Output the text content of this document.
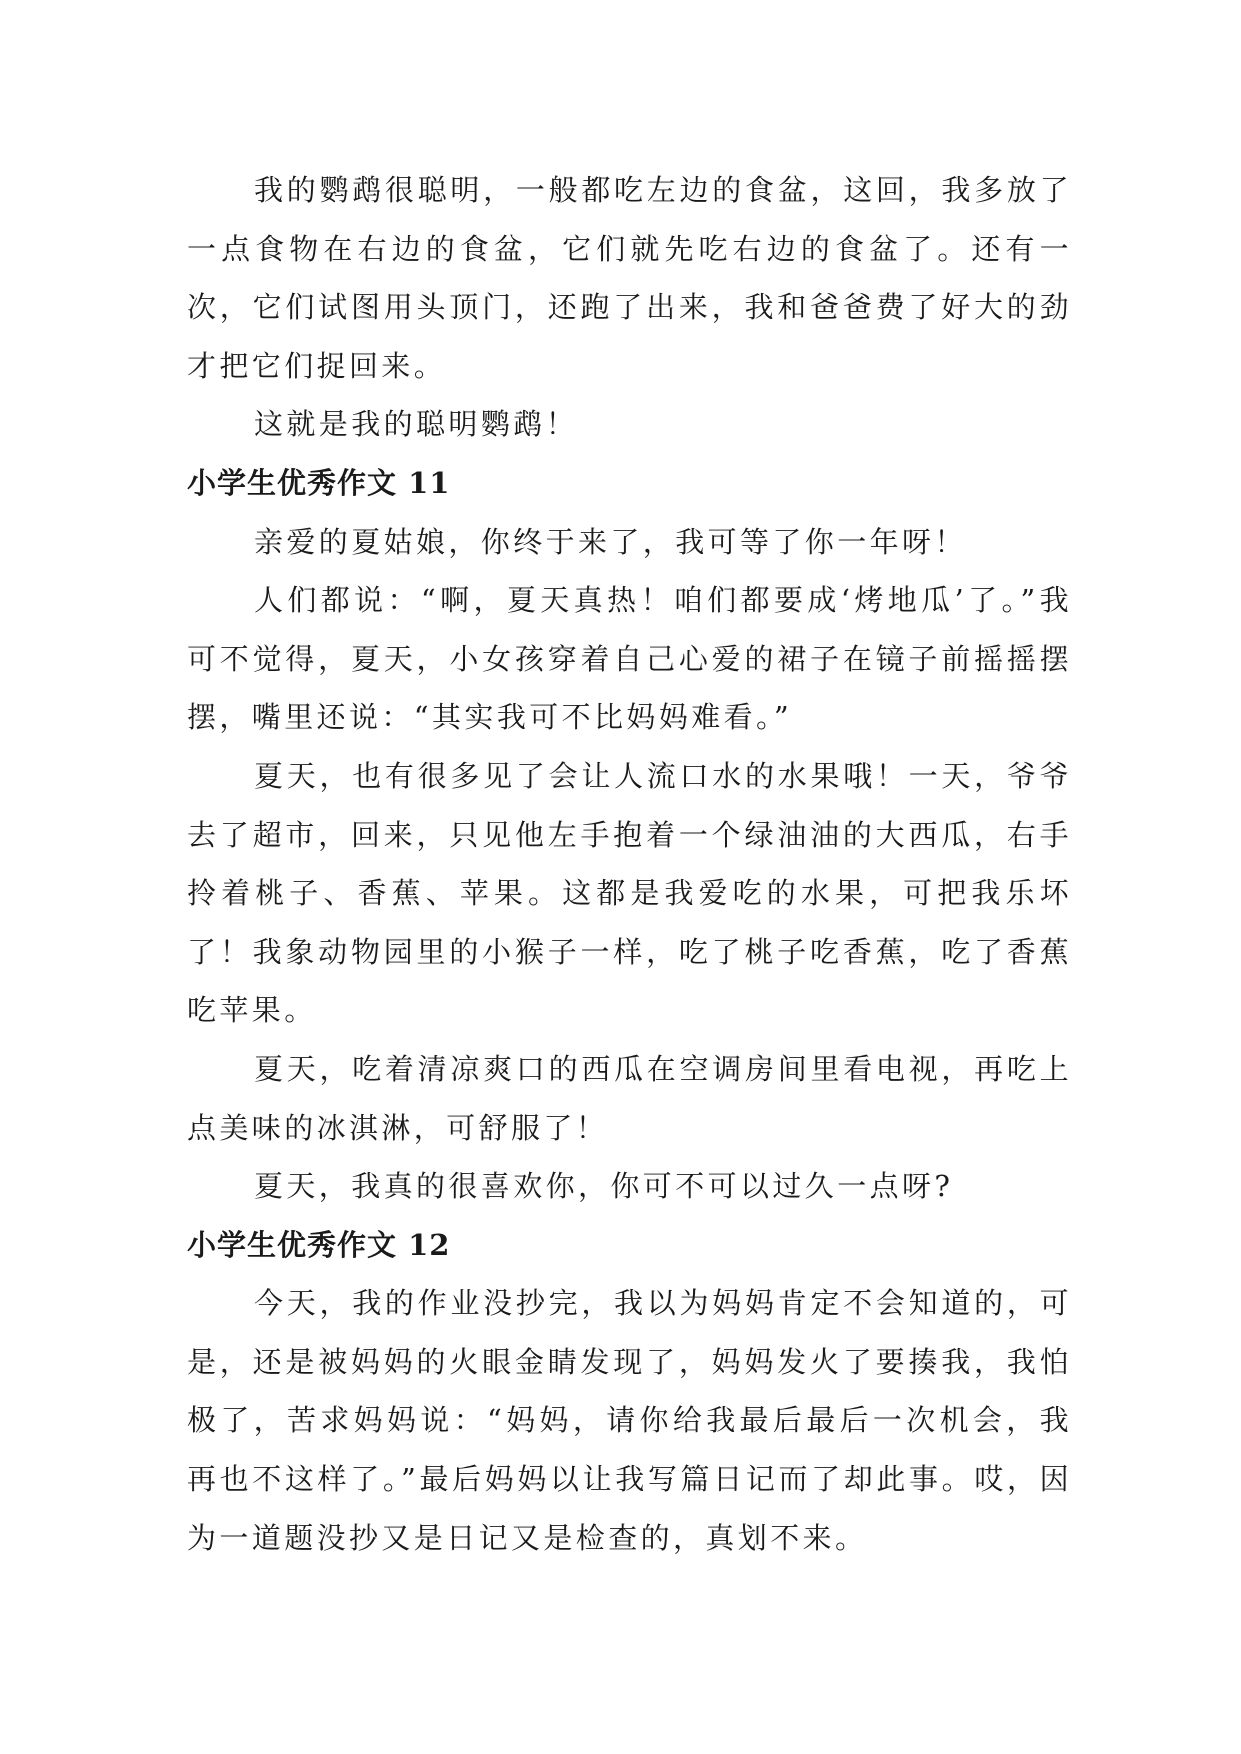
我的鹦鹉很聪明，一般都吃左边的食盆，这回，我多放了一点食物在右边的食盆，它们就先吃右边的食盆了。还有一次，它们试图用头顶门，还跑了出来，我和爸爸费了好大的劲才把它们捉回来。

这就是我的聪明鹦鹉！

小学生优秀作文 11

亲爱的夏姑娘，你终于来了，我可等了你一年呀！

人们都说：“啊，夏天真热！咱们都要成‘烤地瓜’了。”我可不觉得，夏天，小女孩穿着自己心爱的裙子在镜子前摇摇摆摆，嘴里还说：“其实我可不比妈妈难看。”

夏天，也有很多见了会让人流口水的水果哦！一天，爷爷去了超市，回来，只见他左手抱着一个绿油油的大西瓜，右手拎着桃子、香蕉、苹果。这都是我爱吃的水果，可把我乐坏了！我象动物园里的小猴子一样，吃了桃子吃香蕉，吃了香蕉吃苹果。

夏天，吃着清凉爽口的西瓜在空调房间里看电视，再吃上点美味的冰淇淋，可舒服了！

夏天，我真的很喜欢你，你可不可以过久一点呀?

小学生优秀作文 12

今天，我的作业没抄完，我以为妈妈肯定不会知道的，可是，还是被妈妈的火眼金睛发现了，妈妈发火了要揍我，我怕极了，苦求妈妈说：“妈妈，请你给我最后最后一次机会，我再也不这样了。”最后妈妈以让我写篇日记而了却此事。哎，因为一道题没抄又是日记又是检查的，真划不来。
